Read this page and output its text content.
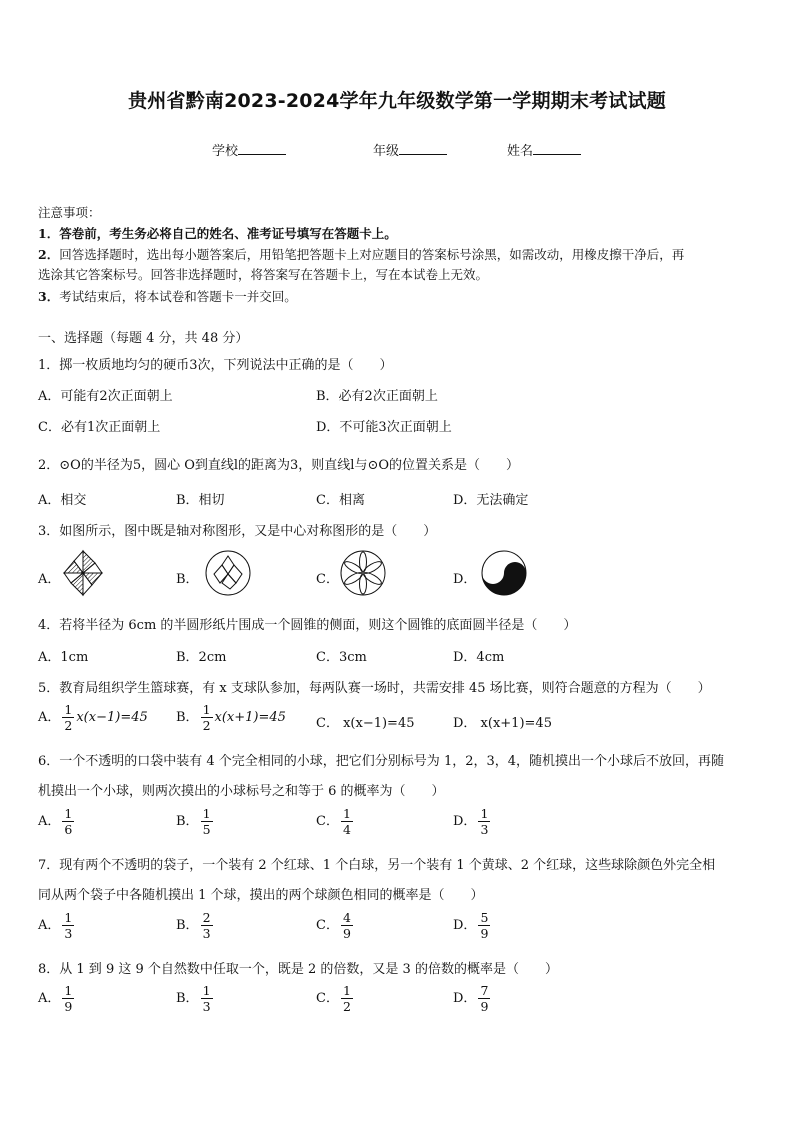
贵州省黔南2023-2024学年九年级数学第一学期期末考试试题
学校	年级	姓名
注意事项：
1．答卷前，考生务必将自己的姓名、准考证号填写在答题卡上。
2．回答选择题时，选出每小题答案后，用铅笔把答题卡上对应题目的答案标号涂黑，如需改动，用橡皮擦干净后，再
选涂其它答案标号。回答非选择题时，将答案写在答题卡上，写在本试卷上无效。
3．考试结束后，将本试卷和答题卡一并交回。
一、选择题（每题 4 分，共 48 分）
1．掷一枚质地均匀的硬币3次，下列说法中正确的是（　　）
A．可能有2次正面朝上	B．必有2次正面朝上
C．必有1次正面朝上	D．不可能3次正面朝上
2．⊙O的半径为5，圆心 O到直线l的距离为3，则直线l与⊙O的位置关系是（　　）
A．相交	B．相切	C．相离	D．无法确定
3．如图所示，图中既是轴对称图形，又是中心对称图形的是（　　）
A．	B．	C．	D．
4．若将半径为 6cm 的半圆形纸片围成一个圆锥的侧面，则这个圆锥的底面圆半径是（　　）
A．1cm	B．2cm	C．3cm	D．4cm
5．教育局组织学生篮球赛，有 x 支球队参加，每两队赛一场时，共需安排 45 场比赛，则符合题意的方程为（　　）
A． $\frac{1}{2} x(x-1)=45$ B． $\frac{1}{2} x(x+1)=45$ C． x(x−1)=45	D． x(x+1)=45
6．一个不透明的口袋中装有 4 个完全相同的小球，把它们分别标号为 1，2，3，4，随机摸出一个小球后不放回，再随
机摸出一个小球，则两次摸出的小球标号之和等于 6 的概率为（　　）
A． $\frac{1}{6}$	B． $\frac{1}{5}$	C． $\frac{1}{4}$	D． $\frac{1}{3}$
7．现有两个不透明的袋子，一个装有 2 个红球、1 个白球，另一个装有 1 个黄球、2 个红球，这些球除颜色外完全相
同从两个袋子中各随机摸出 1 个球，摸出的两个球颜色相同的概率是（　　）
A． $\frac{1}{3}$	B． $\frac{2}{3}$	C． $\frac{4}{9}$	D． $\frac{5}{9}$
8．从 1 到 9 这 9 个自然数中任取一个，既是 2 的倍数，又是 3 的倍数的概率是（　　）
A． $\frac{1}{9}$	B． $\frac{1}{3}$	C． $\frac{1}{2}$	D． $\frac{7}{9}$
